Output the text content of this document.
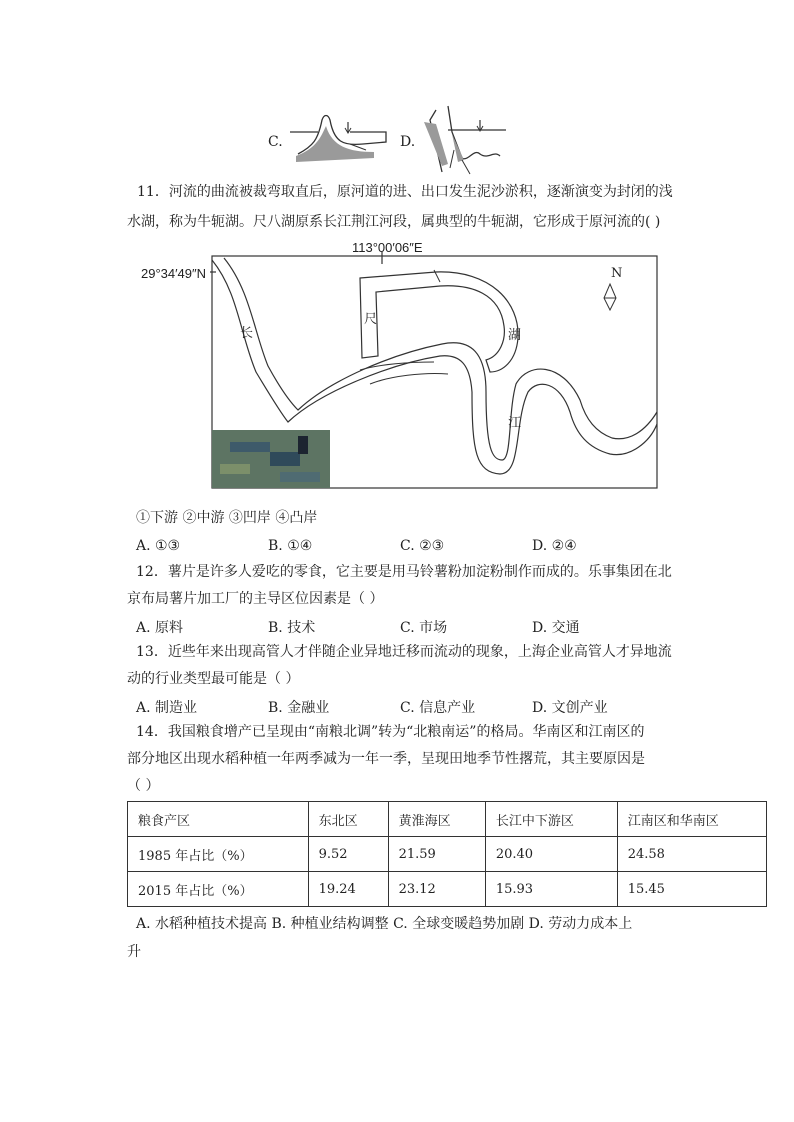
C.	D.
11．河流的曲流被裁弯取直后，原河道的进、出口发生泥沙淤积，逐渐演变为封闭的浅
水湖，称为牛轭湖。尺八湖原系长江荆江河段，属典型的牛轭湖，它形成于原河流的( )
113°00′06″E
29°34′49″N	N
长
尺
湖
江
①下游 ②中游 ③凹岸 ④凸岸
A. ①③	B. ①④	C. ②③	D. ②④
12．薯片是许多人爱吃的零食，它主要是用马铃薯粉加淀粉制作而成的。乐事集团在北
京布局薯片加工厂的主导区位因素是（ ）
A. 原料	B. 技术	C. 市场	D. 交通
13．近些年来出现高管人才伴随企业异地迁移而流动的现象，上海企业高管人才异地流
动的行业类型最可能是（ ）
A. 制造业	B. 金融业	C. 信息产业	D. 文创产业
14．我国粮食增产已呈现由“南粮北调”转为“北粮南运”的格局。华南区和江南区的
部分地区出现水稻种植一年两季减为一年一季，呈现田地季节性撂荒，其主要原因是
（ ）
粮食产区	东北区	黄淮海区	长江中下游区	江南区和华南区
1985 年占比（%）	9.52	21.59	20.40	24.58
2015 年占比（%）	19.24	23.12	15.93	15.45
A. 水稻种植技术提高 B. 种植业结构调整 C. 全球变暖趋势加剧 D. 劳动力成本上
升
